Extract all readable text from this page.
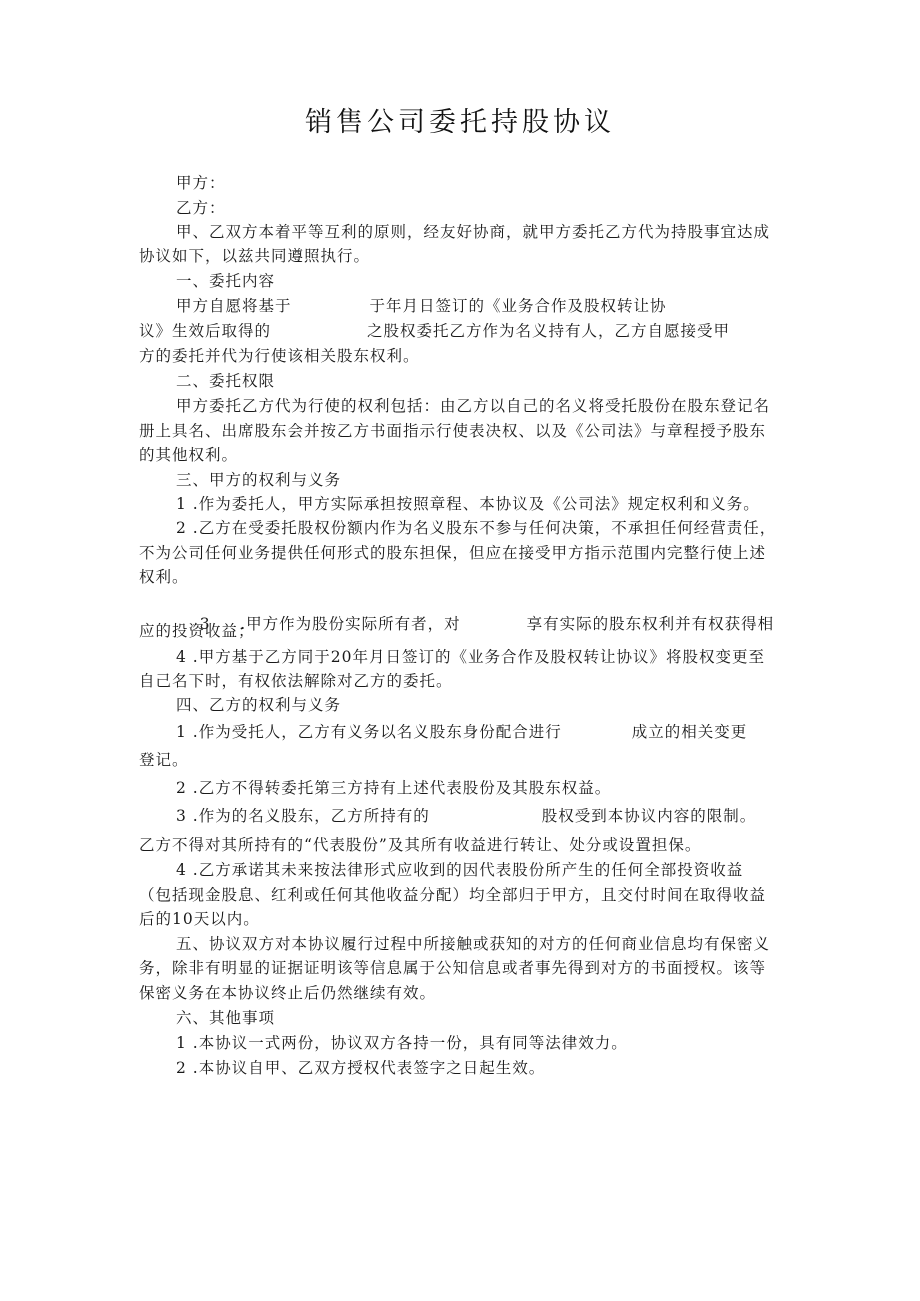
销售公司委托持股协议
甲方：
乙方：
甲、乙双方本着平等互利的原则，经友好协商，就甲方委托乙方代为持股事宜达成
协议如下，以兹共同遵照执行。
一、委托内容
甲方自愿将基于	于年月日签订的《业务合作及股权转让协
议》生效后取得的	之股权委托乙方作为名义持有人，乙方自愿接受甲
方的委托并代为行使该相关股东权利。
二、委托权限
甲方委托乙方代为行使的权利包括：由乙方以自己的名义将受托股份在股东登记名
册上具名、出席股东会并按乙方书面指示行使表决权、以及《公司法》与章程授予股东
的其他权利。
三、甲方的权利与义务
1 .作为委托人，甲方实际承担按照章程、本协议及《公司法》规定权利和义务。
2 .乙方在受委托股权份额内作为名义股东不参与任何决策，不承担任何经营责任，
不为公司任何业务提供任何形式的股东担保，但应在接受甲方指示范围内完整行使上述
权利。

3     .甲方作为股份实际所有者，对	享有实际的股东权利并有权获得相

应的投资收益；
4 .甲方基于乙方同于20年月日签订的《业务合作及股权转让协议》将股权变更至
自己名下时，有权依法解除对乙方的委托。
四、乙方的权利与义务
1 .作为受托人，乙方有义务以名义股东身份配合进行	成立的相关变更
登记。
2 .乙方不得转委托第三方持有上述代表股份及其股东权益。
3 .作为的名义股东，乙方所持有的	股权受到本协议内容的限制。
乙方不得对其所持有的“代表股份”及其所有收益进行转让、处分或设置担保。
4 .乙方承诺其未来按法律形式应收到的因代表股份所产生的任何全部投资收益
（包括现金股息、红利或任何其他收益分配）均全部归于甲方，且交付时间在取得收益
后的10天以内。
五、协议双方对本协议履行过程中所接触或获知的对方的任何商业信息均有保密义
务，除非有明显的证据证明该等信息属于公知信息或者事先得到对方的书面授权。该等
保密义务在本协议终止后仍然继续有效。
六、其他事项
1 .本协议一式两份，协议双方各持一份，具有同等法律效力。
2 .本协议自甲、乙双方授权代表签字之日起生效。
